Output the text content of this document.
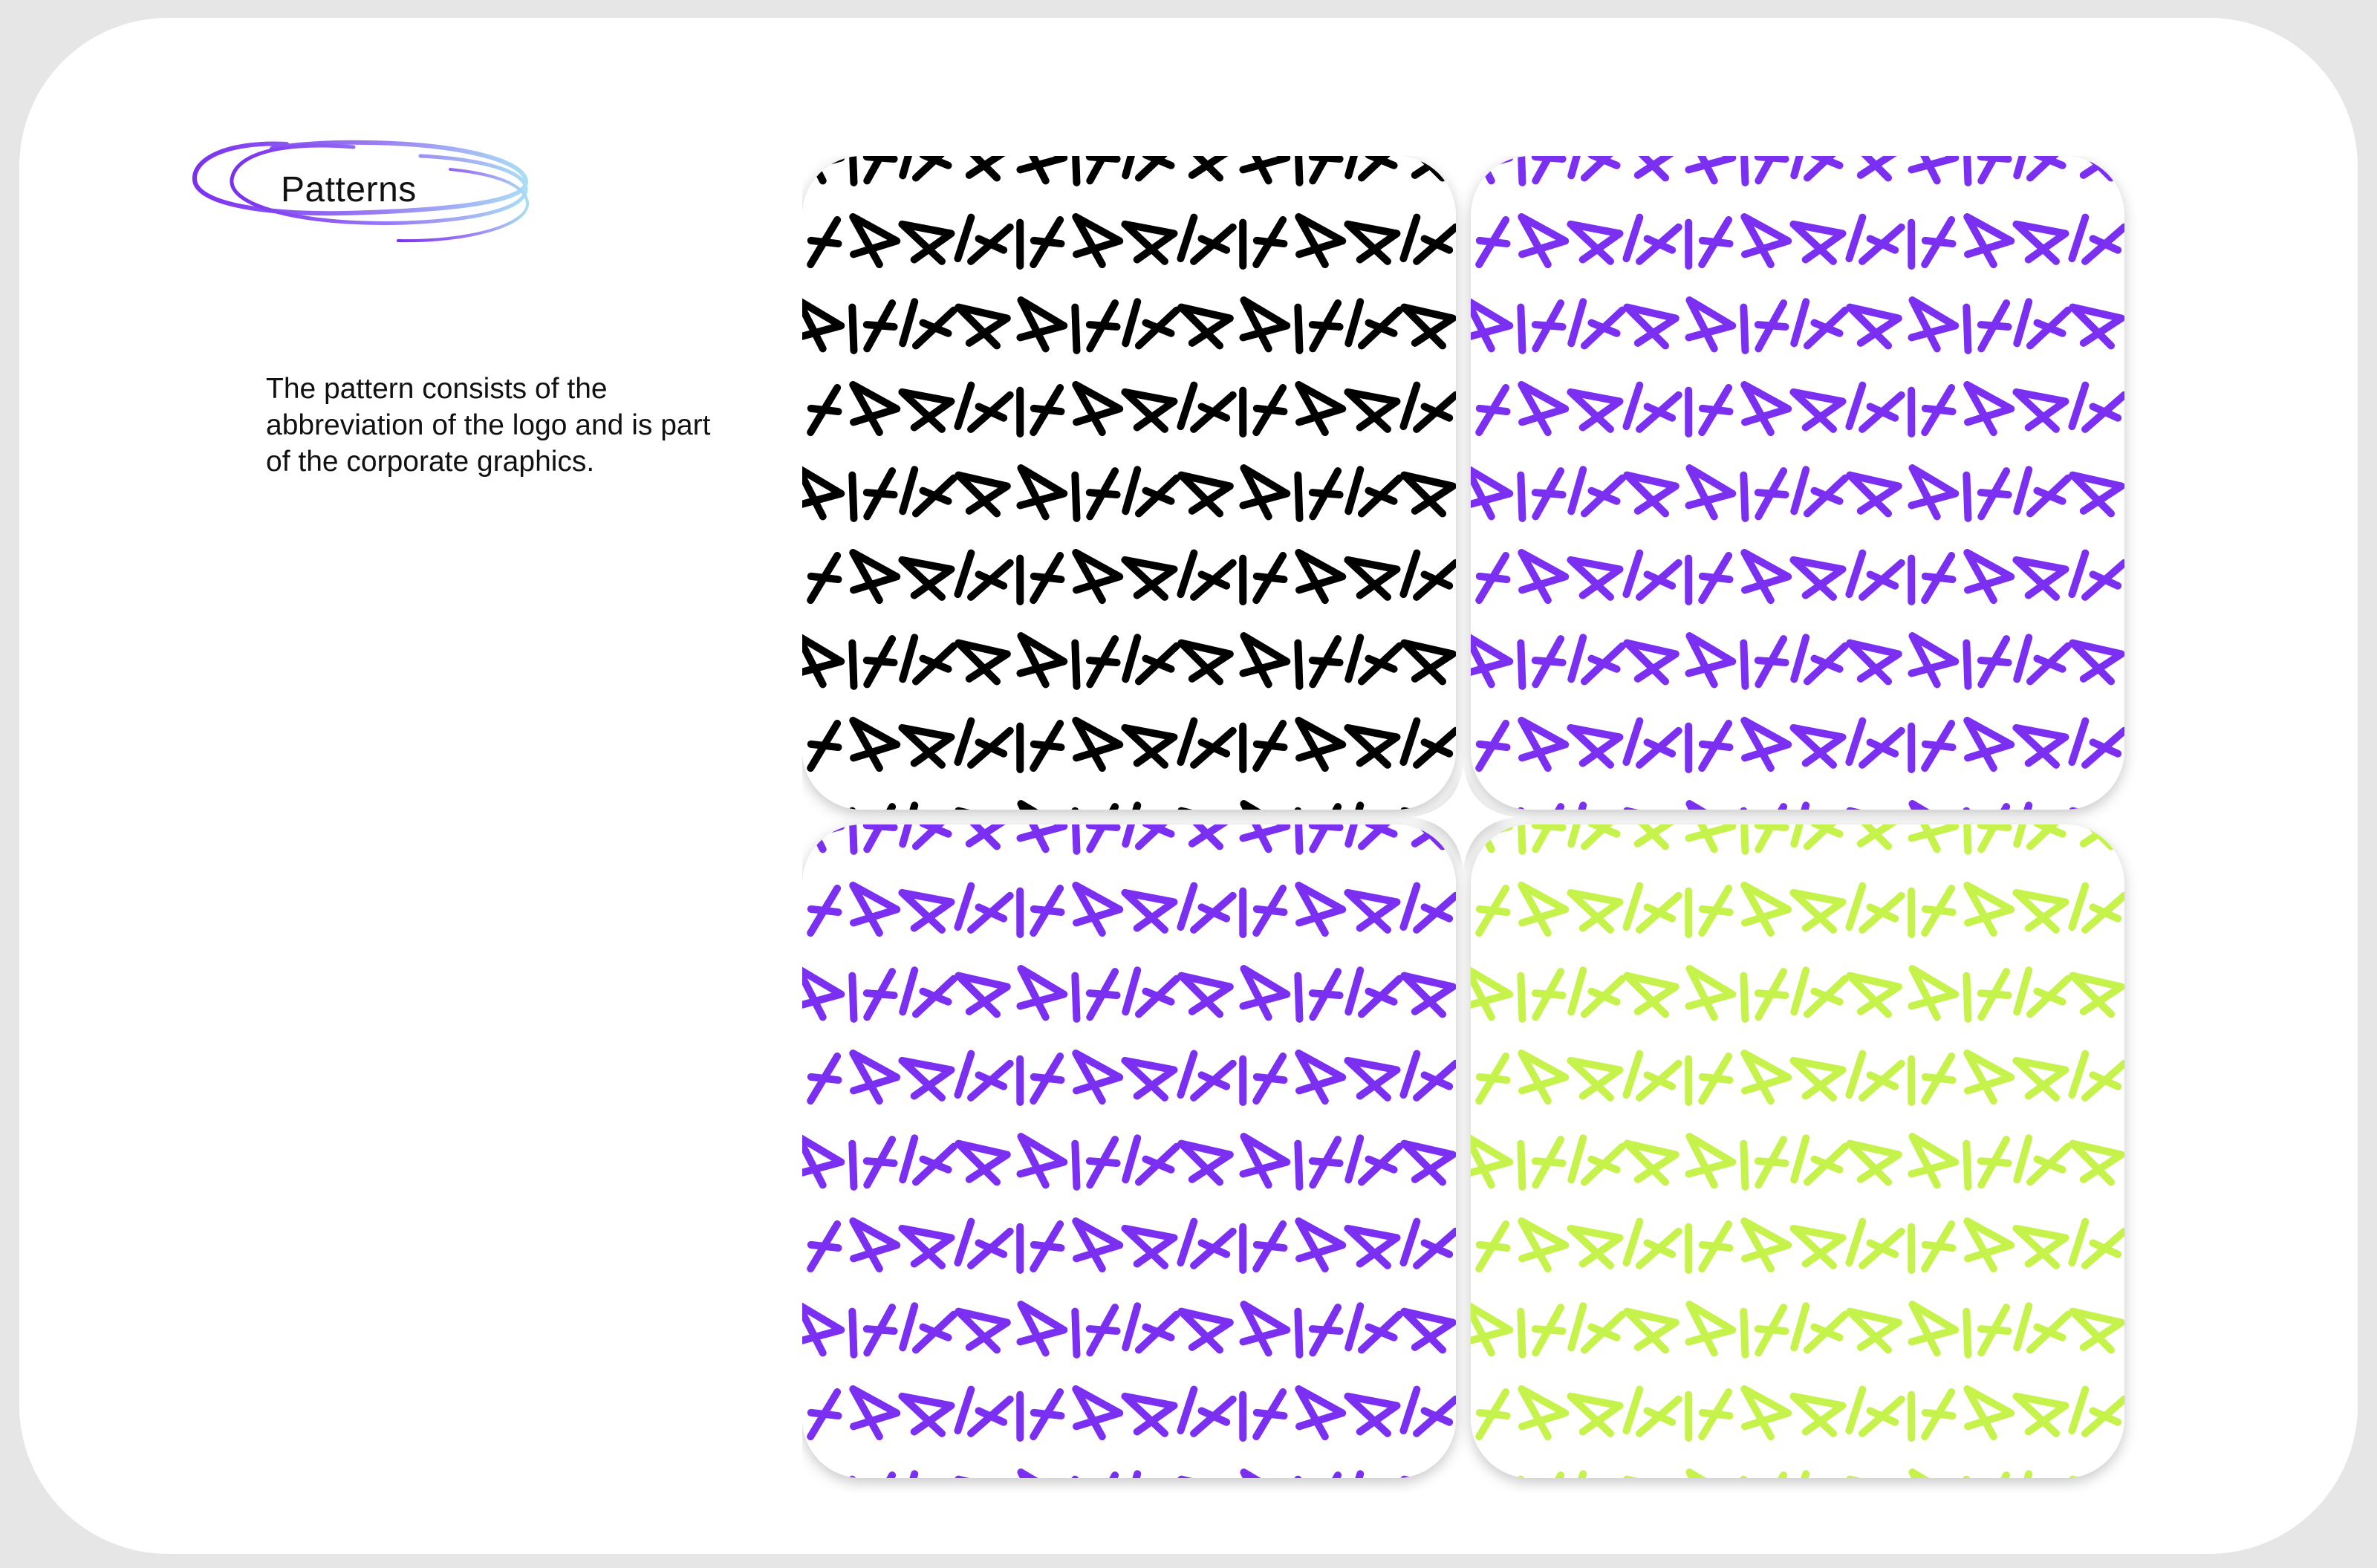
Patterns
The pattern consists of the abbreviation of the logo and is part of the corporate graphics.
